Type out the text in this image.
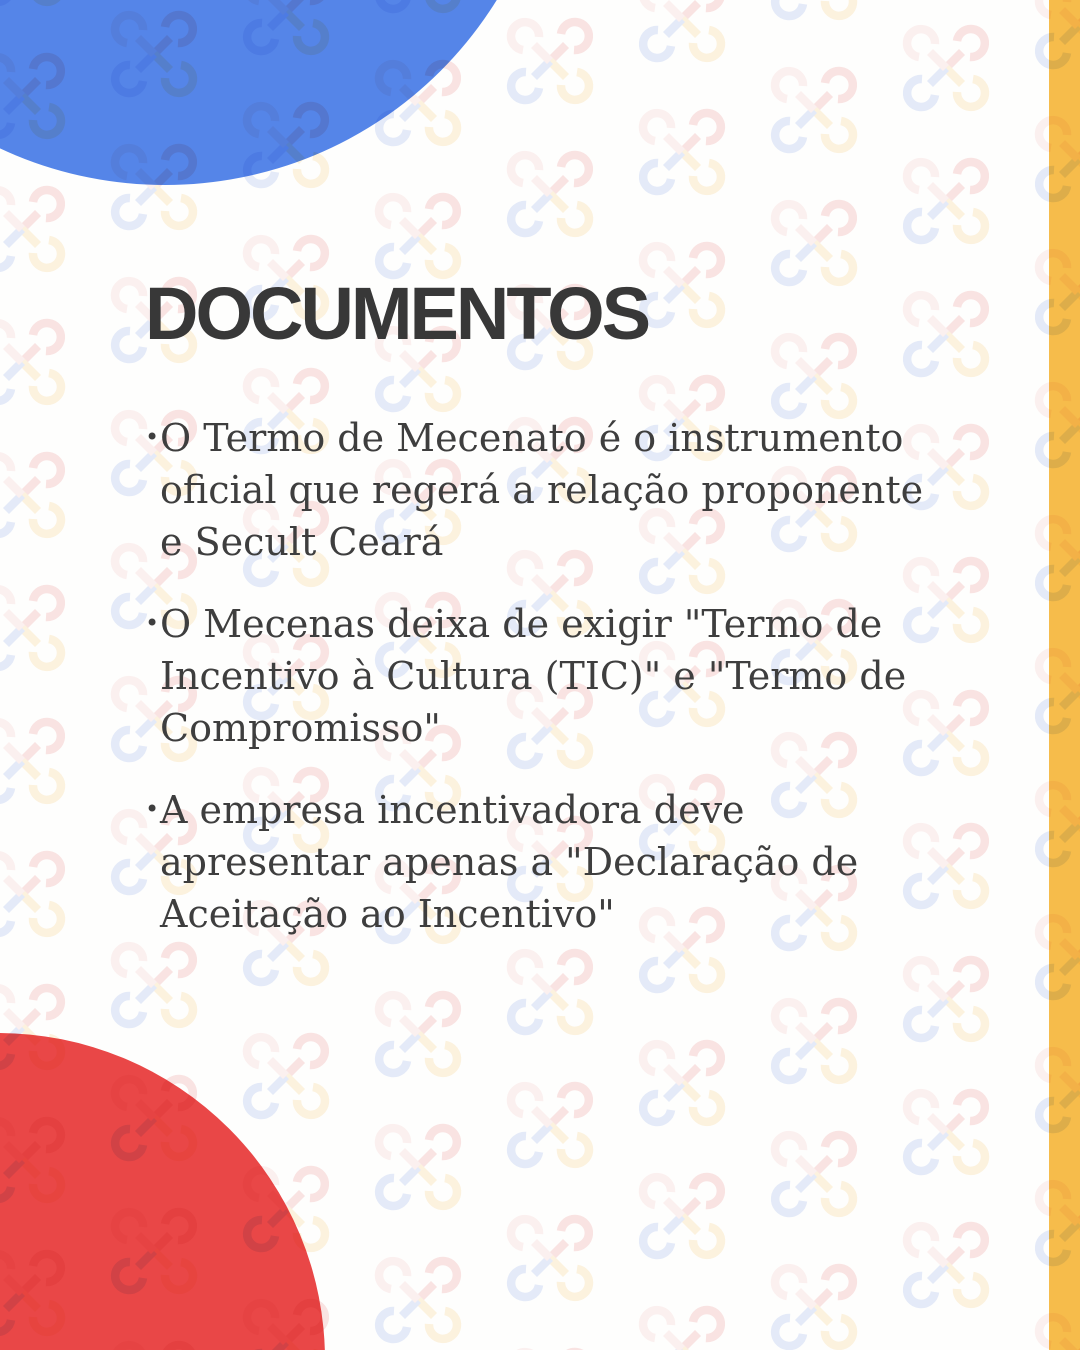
DOCUMENTOS
• O Termo de Mecenato é o instrumento
oficial que regerá a relação proponente
e Secult Ceará
• O Mecenas deixa de exigir "Termo de
Incentivo à Cultura (TIC)" e "Termo de
Compromisso"
• A empresa incentivadora deve
apresentar apenas a "Declaração de
Aceitação ao Incentivo"
